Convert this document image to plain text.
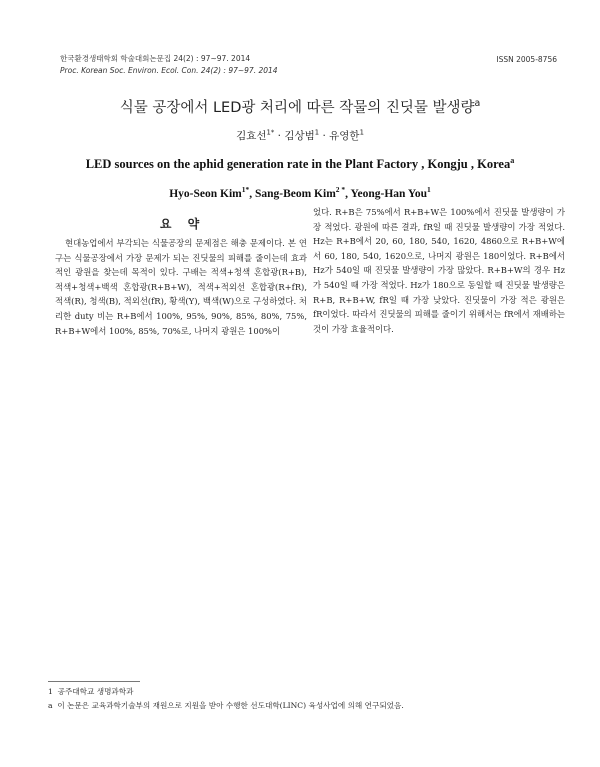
한국환경생태학회 학술대회논문집 24(2) : 97~97. 2014
Proc. Korean Soc. Environ. Ecol. Con. 24(2) : 97~97. 2014
ISSN 2005-8756
식물 공장에서 LED광 처리에 따른 작물의 진딧물 발생량$^a$
김효선$^{1*}$ · 김상범$^1$ · 유영한$^1$
LED sources on the aphid generation rate in the Plant Factory , Kongju , Korea$^a$
Hyo-Seon Kim$^{1*}$, Sang-Beom Kim$^{2 *}$, Yeong-Han You$^1$
요 약

현대농업에서 부각되는 식물공장의 문제점은 해충 문제이다. 본 연구는 식물공장에서 가장 문제가 되는 진딧물의 피해를 줄이는데 효과적인 광원을 찾는데 목적이 있다. 구배는 적색+청색 혼합광(R+B), 적색+청색+백색 혼합광(R+B+W), 적색+적외선 혼합광(R+fR), 적색(R), 청색(B), 적외선(fR), 황색(Y), 백색(W)으로 구성하였다. 처리한 duty 비는 R+B에서 100%, 95%, 90%, 85%, 80%, 75%, R+B+W에서 100%, 85%, 70%로, 나머지 광원은 100%이

었다. R+B은 75%에서 R+B+W은 100%에서 진딧물 발생량이 가장 적었다. 광원에 따른 결과, fR일 때 진딧물 발생량이 가장 적었다. Hz는 R+B에서 20, 60, 180, 540, 1620, 4860으로 R+B+W에서 60, 180, 540, 1620으로, 나머지 광원은 180이었다. R+B에서 Hz가 540일 때 진딧물 발생량이 가장 많았다. R+B+W의 경우 Hz가 540일 때 가장 적었다. Hz가 180으로 동일할 때 진딧물 발생량은 R+B, R+B+W, fR일 때 가장 낮았다. 진딧물이 가장 적은 광원은 fR이었다. 따라서 진딧물의 피해를 줄이기 위해서는 fR에서 재배하는 것이 가장 효율적이다.

1 공주대학교 생명과학과
a 이 논문은 교육과학기술부의 재원으로 지원을 받아 수행한 선도대학(LINC) 육성사업에 의해 연구되었음.
